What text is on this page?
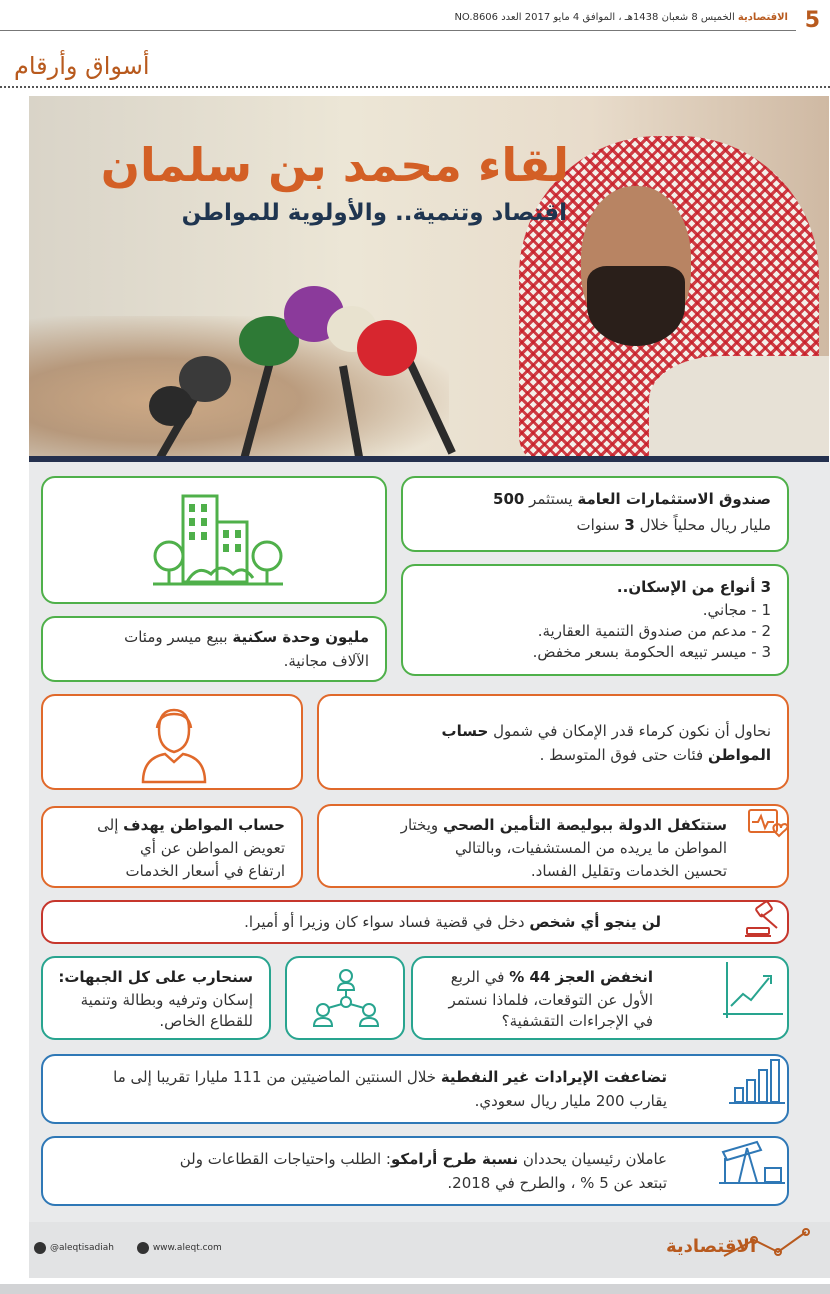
5
الاقتصادية الخميس 8 شعبان 1438هـ ، الموافق 4 مايو 2017 العدد NO.8606
أسواق وأرقام
لقاء محمد بن سلمان
اقتصاد وتنمية.. والأولوية للمواطن
صندوق الاستثمارات العامة يستثمر 500
مليار ريال محلياً خلال 3 سنوات
3 أنواع من الإسكان..
1 - مجاني.
2 - مدعم من صندوق التنمية العقارية.
3 - ميسر تبيعه الحكومة بسعر مخفض.
مليون وحدة سكنية ببيع ميسر ومئات
الآلاف مجانية.
نحاول أن نكون كرماء قدر الإمكان في شمول حساب
المواطن فئات حتى فوق المتوسط .
حساب المواطن يهدف إلى
تعويض المواطن عن أي
ارتفاع في أسعار الخدمات
ستتكفل الدولة ببوليصة التأمين الصحي ويختار
المواطن ما يريده من المستشفيات، وبالتالي
تحسين الخدمات وتقليل الفساد.
لن ينجو أي شخص دخل في قضية فساد سواء كان وزيرا أو أميرا.
سنحارب على كل الجبهات:
إسكان وترفيه وبطالة وتنمية
للقطاع الخاص.
انخفض العجز 44 % في الربع
الأول عن التوقعات، فلماذا نستمر
في الإجراءات التقشفية؟
تضاعفت الإيرادات غير النفطية خلال السنتين الماضيتين من 111 مليارا تقريبا إلى ما
يقارب 200 مليار ريال سعودي.
عاملان رئيسيان يحددان نسبة طرح أرامكو: الطلب واحتياجات القطاعات ولن
تبتعد عن 5 % ، والطرح في 2018.
@aleqtisadiah	www.aleqt.com	الاقتصادية
